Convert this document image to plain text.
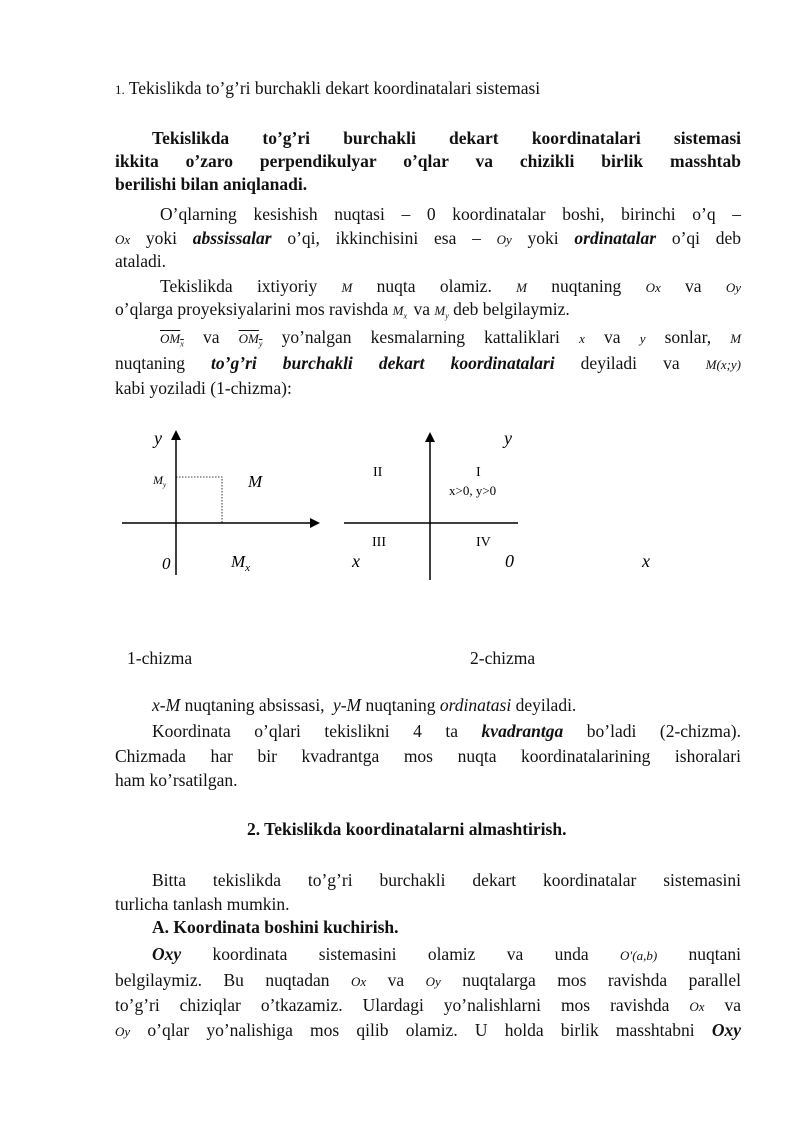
1. Tekislikda to’g’ri burchakli dekart koordinatalari sistemasi
Tekislikda to’g’ri burchakli dekart koordinatalari sistemasi
ikkita o’zaro perpendikulyar o’qlar va chizikli birlik masshtab
berilishi bilan aniqlanadi.
O’qlarning kesishish nuqtasi – 0 koordinatalar boshi, birinchi o’q –
Ox yoki abssissalar o’qi, ikkinchisini esa – Oy yoki ordinatalar o’qi deb
ataladi.
Tekislikda ixtiyoriy M nuqta olamiz. M nuqtaning Ox va Oy
o’qlarga proyeksiyalarini mos ravishda $M_x$ va $M_y$ deb belgilaymiz.
$OM_x$ va $OM_y$ yo’nalgan kesmalarning kattaliklari x va y sonlar, M
nuqtaning to’g’ri burchakli dekart koordinatalari deyiladi va M(x;y)
kabi yoziladi (1-chizma):
y
$M_y$	M
0	$M_x$
y
II	I
x>0, y>0
III	IV
x	0	x
1-chizma	2-chizma
x-M nuqtaning absissasi, y-M nuqtaning ordinatasi deyiladi.
Koordinata o’qlari tekislikni 4 ta kvadrantga bo’ladi (2-chizma).
Chizmada har bir kvadrantga mos nuqta koordinatalarining ishoralari
ham ko’rsatilgan.
2. Tekislikda koordinatalarni almashtirish.
Bitta tekislikda to’g’ri burchakli dekart koordinatalar sistemasini
turlicha tanlash mumkin.
A. Koordinata boshini kuchirish.
Oxy koordinata sistemasini olamiz va unda O′(a,b) nuqtani
belgilaymiz. Bu nuqtadan Ox va Oy nuqtalarga mos ravishda parallel
to’g’ri chiziqlar o’tkazamiz. Ulardagi yo’nalishlarni mos ravishda Ox va
Oy o’qlar yo’nalishiga mos qilib olamiz. U holda birlik masshtabni Oxy
